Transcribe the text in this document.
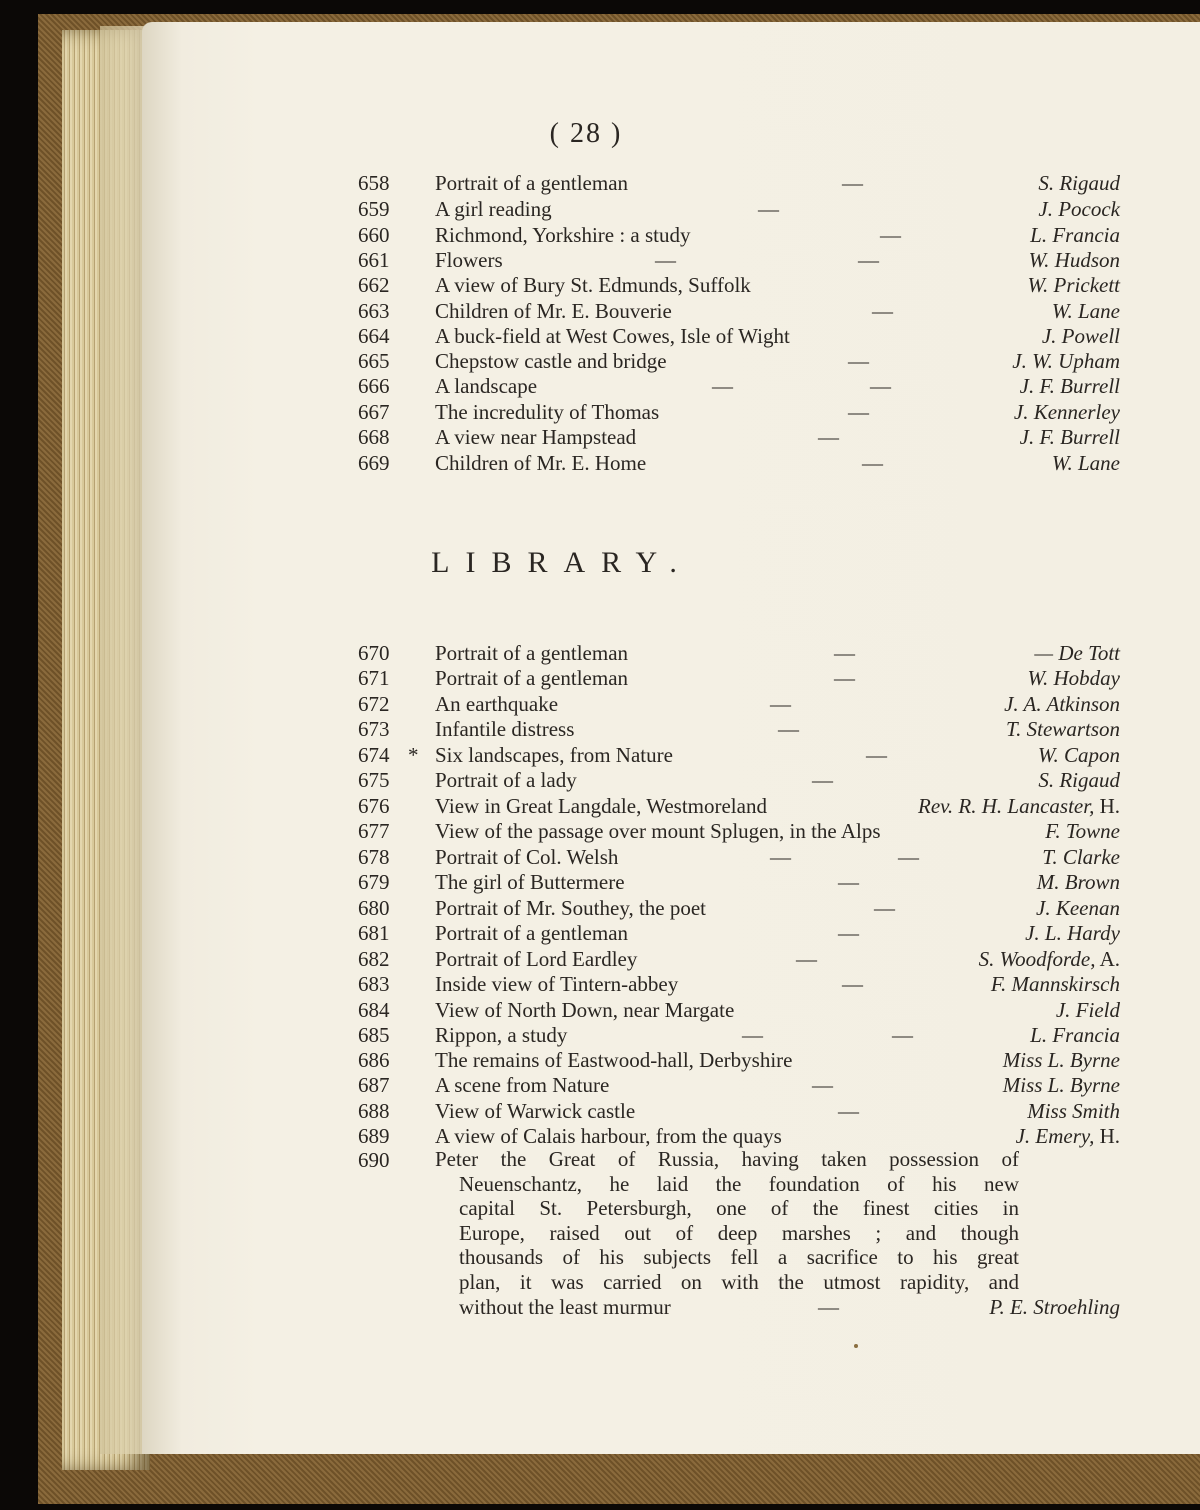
( 28 )
LIBRARY.
658 Portrait of a gentleman	—	S. Rigaud
659 A girl reading	—	J. Pocock
660 Richmond, Yorkshire : a study	—	L. Francia
661 Flowers	—	—	W. Hudson
662 A view of Bury St. Edmunds, Suffolk	W. Prickett
663 Children of Mr. E. Bouverie	—	W. Lane
664 A buck-field at West Cowes, Isle of Wight	J. Powell
665 Chepstow castle and bridge	—	J. W. Upham
666 A landscape	—	—	J. F. Burrell
667 The incredulity of Thomas	—	J. Kennerley
668 A view near Hampstead	—	J. F. Burrell
669 Children of Mr. E. Home	—	W. Lane
670 Portrait of a gentleman	—	— De Tott
671 Portrait of a gentleman	—	W. Hobday
672 An earthquake	—	J. A. Atkinson
673 Infantile distress	—	T. Stewartson
674 * Six landscapes, from Nature	—	W. Capon
675 Portrait of a lady	—	S. Rigaud
676 View in Great Langdale, Westmoreland	Rev. R. H. Lancaster, H.
677 View of the passage over mount Splugen, in the Alps	F. Towne
678 Portrait of Col. Welsh	—	—	T. Clarke
679 The girl of Buttermere	—	M. Brown
680 Portrait of Mr. Southey, the poet	—	J. Keenan
681 Portrait of a gentleman	—	J. L. Hardy
682 Portrait of Lord Eardley	—	S. Woodforde, A.
683 Inside view of Tintern-abbey	—	F. Mannskirsch
684 View of North Down, near Margate	J. Field
685 Rippon, a study	—	—	L. Francia
686 The remains of Eastwood-hall, Derbyshire	Miss L. Byrne
687 A scene from Nature	—	Miss L. Byrne
688 View of Warwick castle	—	Miss Smith
689 A view of Calais harbour, from the quays	J. Emery, H.
690 Peter the Great of Russia, having taken possession of
Neuenschantz, he laid the foundation of his new
capital St. Petersburgh, one of the finest cities in
Europe, raised out of deep marshes ; and though
thousands of his subjects fell a sacrifice to his great
plan, it was carried on with the utmost rapidity, and
without the least murmur	—	P. E. Stroehling
